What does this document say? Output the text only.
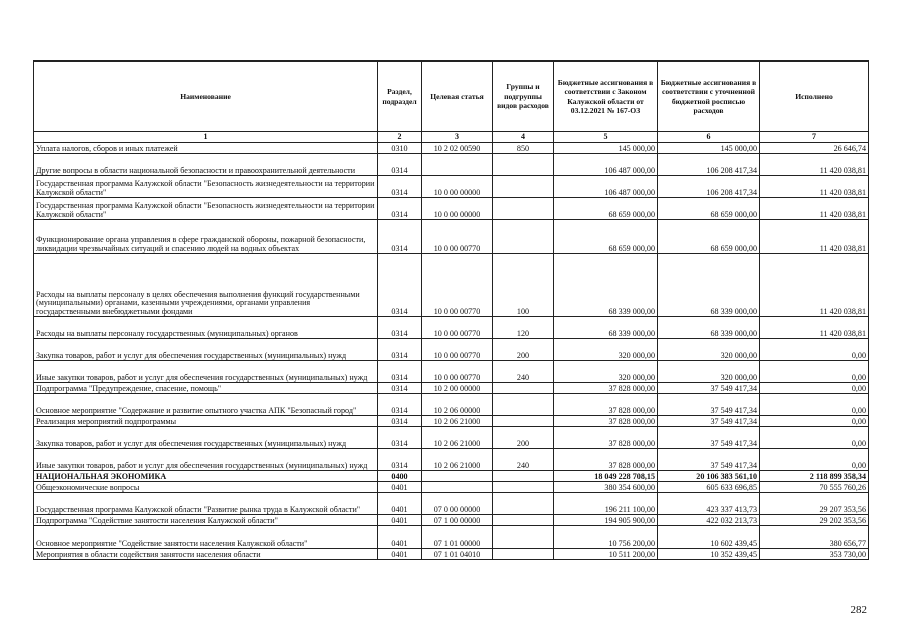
Наименование	Раздел, подраздел	Целевая статья	Группы и подгруппы видов расходов	Бюджетные ассигнования в соответствии с Законом Калужской области от 03.12.2021 № 167-ОЗ	Бюджетные ассигнования в соответствии с уточненной бюджетной росписью расходов	Исполнено
1	2	3	4	5	6	7
Уплата налогов, сборов и иных платежей	0310	10 2 02 00590	850	145 000,00	145 000,00	26 646,74
Другие вопросы в области национальной безопасности и правоохранительной деятельности	0314			106 487 000,00	106 208 417,34	11 420 038,81
Государственная программа Калужской области "Безопасность жизнедеятельности на территории Калужской области"	0314	10 0 00 00000		106 487 000,00	106 208 417,34	11 420 038,81
Государственная программа Калужской области "Безопасность жизнедеятельности на территории Калужской области"	0314	10 0 00 00000		68 659 000,00	68 659 000,00	11 420 038,81
Функционирование органа управления в сфере гражданской обороны, пожарной безопасности, ликвидации чрезвычайных ситуаций и спасению людей на водных объектах	0314	10 0 00 00770		68 659 000,00	68 659 000,00	11 420 038,81
Расходы на выплаты персоналу в целях обеспечения выполнения функций государственными (муниципальными) органами, казенными учреждениями, органами управления государственными внебюджетными фондами	0314	10 0 00 00770	100	68 339 000,00	68 339 000,00	11 420 038,81
Расходы на выплаты персоналу государственных (муниципальных) органов	0314	10 0 00 00770	120	68 339 000,00	68 339 000,00	11 420 038,81
Закупка товаров, работ и услуг для обеспечения государственных (муниципальных) нужд	0314	10 0 00 00770	200	320 000,00	320 000,00	0,00
Иные закупки товаров, работ и услуг для обеспечения государственных (муниципальных) нужд	0314	10 0 00 00770	240	320 000,00	320 000,00	0,00
Подпрограмма "Предупреждение, спасение, помощь"	0314	10 2 00 00000		37 828 000,00	37 549 417,34	0,00
Основное мероприятие "Содержание и развитие опытного участка АПК "Безопасный город"	0314	10 2 06 00000		37 828 000,00	37 549 417,34	0,00
Реализация мероприятий подпрограммы	0314	10 2 06 21000		37 828 000,00	37 549 417,34	0,00
Закупка товаров, работ и услуг для обеспечения государственных (муниципальных) нужд	0314	10 2 06 21000	200	37 828 000,00	37 549 417,34	0,00
Иные закупки товаров, работ и услуг для обеспечения государственных (муниципальных) нужд	0314	10 2 06 21000	240	37 828 000,00	37 549 417,34	0,00
НАЦИОНАЛЬНАЯ ЭКОНОМИКА	0400			18 049 228 708,15	20 106 383 561,10	2 118 899 358,34
Общеэкономические вопросы	0401			380 354 600,00	605 633 696,85	70 555 760,26
Государственная программа Калужской области "Развитие рынка труда в Калужской области"	0401	07 0 00 00000		196 211 100,00	423 337 413,73	29 207 353,56
Подпрограмма "Содействие занятости населения Калужской области"	0401	07 1 00 00000		194 905 900,00	422 032 213,73	29 202 353,56
Основное мероприятие "Содействие занятости населения Калужской области"	0401	07 1 01 00000		10 756 200,00	10 602 439,45	380 656,77
Мероприятия в области содействия занятости населения области	0401	07 1 01 04010		10 511 200,00	10 352 439,45	353 730,00
282
